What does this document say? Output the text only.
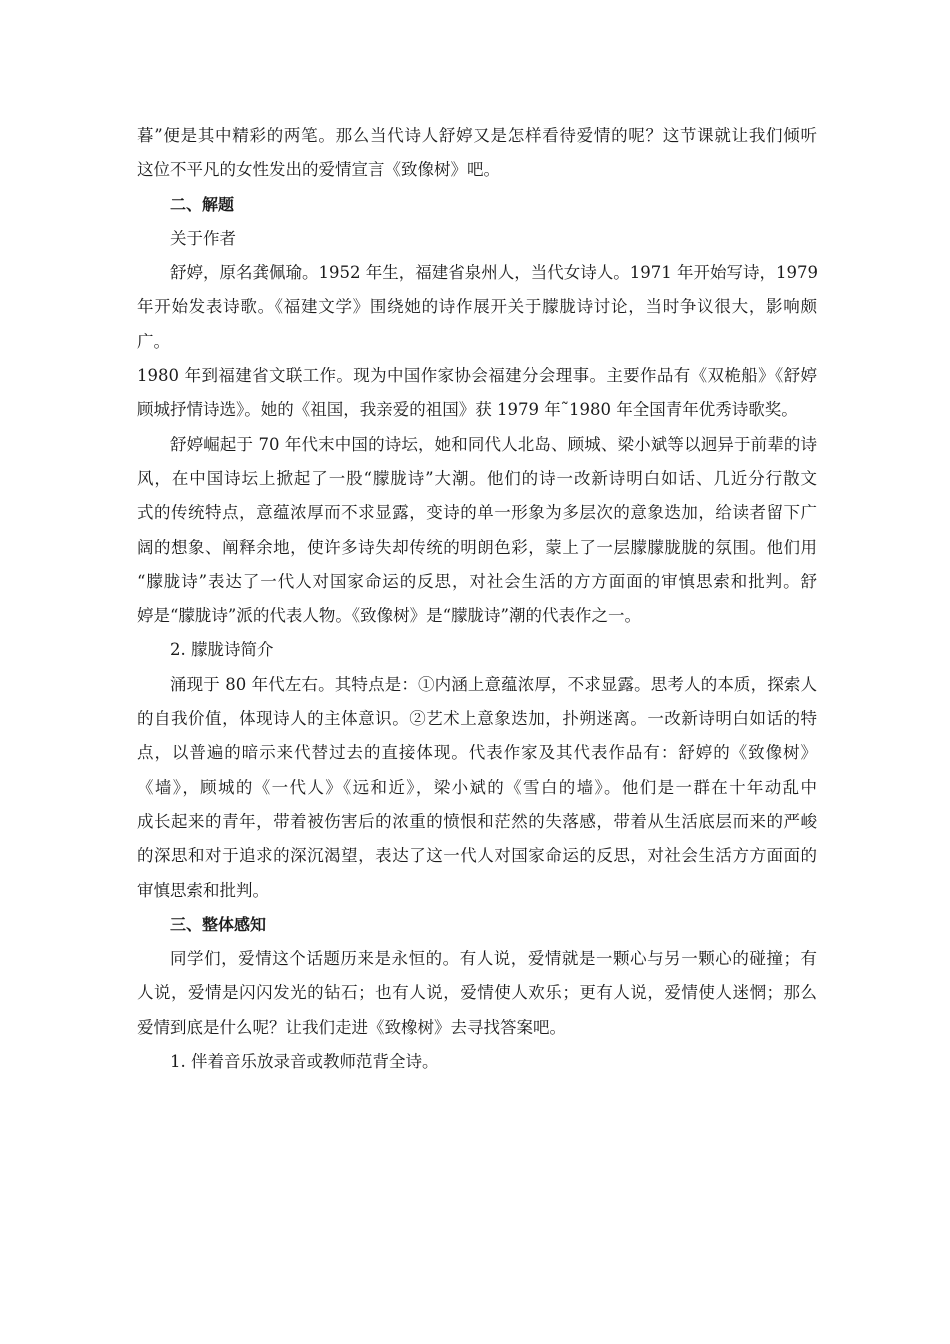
暮”便是其中精彩的两笔。那么当代诗人舒婷又是怎样看待爱情的呢？这节课就让我们倾听
这位不平凡的女性发出的爱情宣言《致像树》吧。
二、解题
关于作者
舒婷，原名龚佩瑜。1952 年生，福建省泉州人，当代女诗人。1971 年开始写诗，1979
年开始发表诗歌。《福建文学》围绕她的诗作展开关于朦胧诗讨论，当时争议很大，影响颇
广。
1980 年到福建省文联工作。现为中国作家协会福建分会理事。主要作品有《双桅船》《舒婷
顾城抒情诗选》。她的《祖国，我亲爱的祖国》获 1979 年˜1980 年全国青年优秀诗歌奖。
舒婷崛起于 70 年代末中国的诗坛，她和同代人北岛、顾城、梁小斌等以迥异于前辈的诗
风，在中国诗坛上掀起了一股“朦胧诗”大潮。他们的诗一改新诗明白如话、几近分行散文
式的传统特点，意蕴浓厚而不求显露，变诗的单一形象为多层次的意象迭加，给读者留下广
阔的想象、阐释余地，使许多诗失却传统的明朗色彩，蒙上了一层朦朦胧胧的氛围。他们用
“朦胧诗”表达了一代人对国家命运的反思，对社会生活的方方面面的审慎思索和批判。舒
婷是“朦胧诗”派的代表人物。《致像树》是“朦胧诗”潮的代表作之一。
2. 朦胧诗简介
涌现于 80 年代左右。其特点是：①内涵上意蕴浓厚，不求显露。思考人的本质，探索人
的自我价值，体现诗人的主体意识。②艺术上意象迭加，扑朔迷离。一改新诗明白如话的特
点，以普遍的暗示来代替过去的直接体现。代表作家及其代表作品有：舒婷的《致像树》
《墙》，顾城的《一代人》《远和近》，梁小斌的《雪白的墙》。他们是一群在十年动乱中
成长起来的青年，带着被伤害后的浓重的愤恨和茫然的失落感，带着从生活底层而来的严峻
的深思和对于追求的深沉渴望，表达了这一代人对国家命运的反思，对社会生活方方面面的
审慎思索和批判。
三、整体感知
同学们，爱情这个话题历来是永恒的。有人说，爱情就是一颗心与另一颗心的碰撞；有
人说，爱情是闪闪发光的钻石；也有人说，爱情使人欢乐；更有人说，爱情使人迷惘；那么
爱情到底是什么呢？让我们走进《致橡树》去寻找答案吧。
1. 伴着音乐放录音或教师范背全诗。
